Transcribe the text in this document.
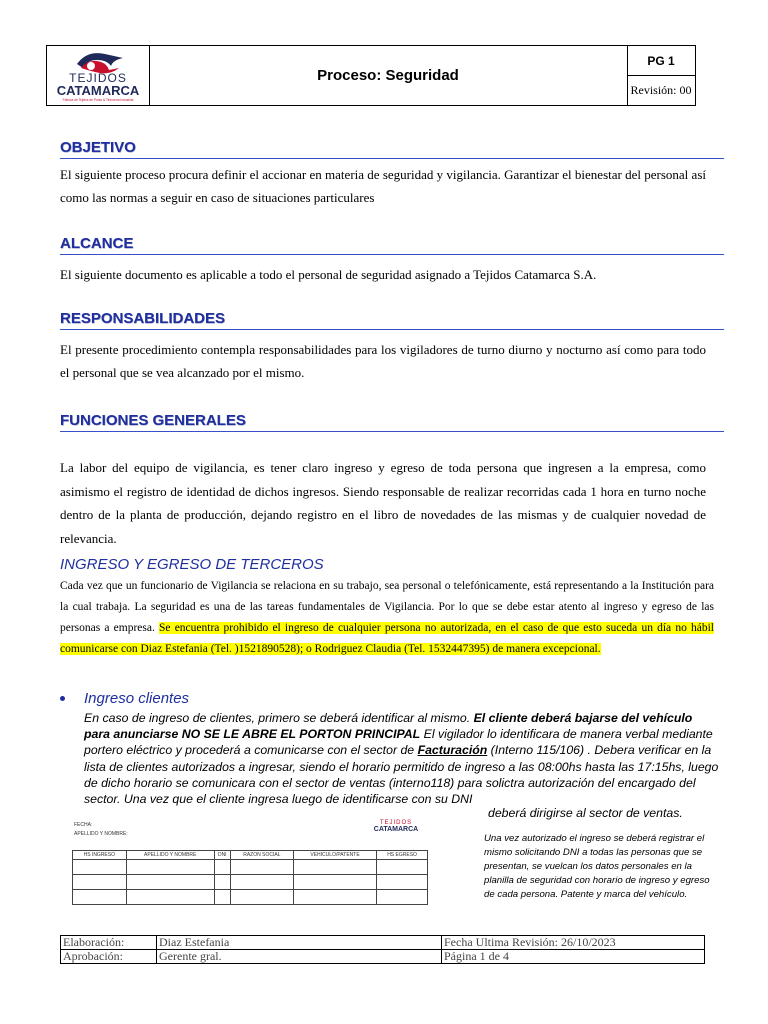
TEJIDOS
CATAMARCA
Fábrica de Tejidos de Punto & Tintorería Industrial
Proceso: Seguridad
PG 1
Revisión: 00
OBJETIVO
El siguiente proceso procura definir el accionar en materia de seguridad y vigilancia. Garantizar el bienestar del personal así como las normas a seguir en caso de situaciones particulares
ALCANCE
El siguiente documento es aplicable a todo el personal de seguridad asignado a Tejidos Catamarca S.A.
RESPONSABILIDADES
El presente procedimiento contempla responsabilidades para los vigiladores de turno diurno y nocturno así como para todo el personal que se vea alcanzado por el mismo.
FUNCIONES GENERALES
La labor del equipo de vigilancia, es tener claro ingreso y egreso de toda persona que ingresen a la empresa, como asimismo el registro de identidad de dichos ingresos. Siendo responsable de realizar recorridas cada 1 hora en turno noche dentro de la planta de producción, dejando registro en el libro de novedades de las mismas y de cualquier novedad de relevancia.
INGRESO Y EGRESO DE TERCEROS
Cada vez que un funcionario de Vigilancia se relaciona en su trabajo, sea personal o telefónicamente, está representando a la Institución para la cual trabaja. La seguridad es una de las tareas fundamentales de Vigilancia. Por lo que se debe estar atento al ingreso y egreso de las personas a empresa. Se encuentra prohibido el ingreso de cualquier persona no autorizada, en el caso de que esto suceda un día no hábil comunicarse con Diaz Estefania (Tel. )1521890528); o Rodriguez Claudia (Tel. 1532447395) de manera excepcional.
Ingreso clientes
En caso de ingreso de clientes, primero se deberá identificar al mismo. El cliente deberá bajarse del vehículo para anunciarse NO SE LE ABRE EL PORTON PRINCIPAL El vigilador lo identificara de manera verbal mediante portero eléctrico y procederá a comunicarse con el sector de Facturación (Interno 115/106) . Debera verificar en la lista de clientes autorizados a ingresar, siendo el horario permitido de ingreso a las 08:00hs hasta las 17:15hs, luego de dicho horario se comunicara con el sector de ventas (interno118) para solictra autorización del encargado del sector. Una vez que el cliente ingresa luego de identificarse con su DNI
deberá dirigirse al sector de ventas.
FECHA:
APELLIDO Y NOMBRE:
TEJIDOS
CATAMARCA
HS INGRESO	APELLIDO Y NOMBRE	DNI	RAZON SOCIAL	VEHICULO/PATENTE	HS EGRESO

Una vez autorizado el ingreso se deberá registrar el mismo solicitando DNI a todas las personas que se presentan, se vuelcan los datos personales en la planilla de seguridad con horario de ingreso y egreso de cada persona. Patente y marca del vehículo.
Elaboración:	Diaz Estefania	Fecha Ultima Revisión: 26/10/2023
Aprobación:	Gerente gral.	Página 1 de 4
